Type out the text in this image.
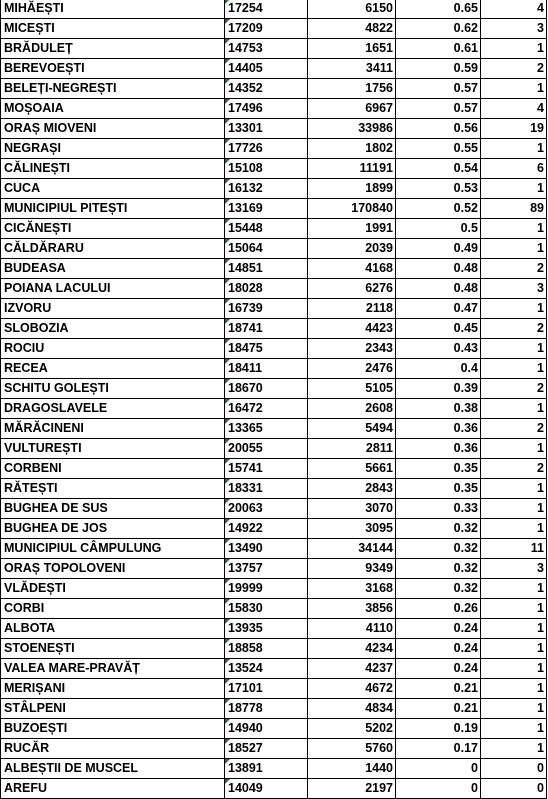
MIHĂEȘTI	17254	6150	0.65	4
MICEȘTI	17209	4822	0.62	3
BRĂDULEȚ	14753	1651	0.61	1
BEREVOEȘTI	14405	3411	0.59	2
BELEȚI-NEGREȘTI	14352	1756	0.57	1
MOȘOAIA	17496	6967	0.57	4
ORAȘ MIOVENI	13301	33986	0.56	19
NEGRAȘI	17726	1802	0.55	1
CĂLINEȘTI	15108	11191	0.54	6
CUCA	16132	1899	0.53	1
MUNICIPIUL PITEȘTI	13169	170840	0.52	89
CICĂNEȘTI	15448	1991	0.5	1
CĂLDĂRARU	15064	2039	0.49	1
BUDEASA	14851	4168	0.48	2
POIANA LACULUI	18028	6276	0.48	3
IZVORU	16739	2118	0.47	1
SLOBOZIA	18741	4423	0.45	2
ROCIU	18475	2343	0.43	1
RECEA	18411	2476	0.4	1
SCHITU GOLEȘTI	18670	5105	0.39	2
DRAGOSLAVELE	16472	2608	0.38	1
MĂRĂCINENI	13365	5494	0.36	2
VULTUREȘTI	20055	2811	0.36	1
CORBENI	15741	5661	0.35	2
RĂTEȘTI	18331	2843	0.35	1
BUGHEA DE SUS	20063	3070	0.33	1
BUGHEA DE JOS	14922	3095	0.32	1
MUNICIPIUL CÂMPULUNG	13490	34144	0.32	11
ORAȘ TOPOLOVENI	13757	9349	0.32	3
VLĂDEȘTI	19999	3168	0.32	1
CORBI	15830	3856	0.26	1
ALBOTA	13935	4110	0.24	1
STOENEȘTI	18858	4234	0.24	1
VALEA MARE-PRAVĂȚ	13524	4237	0.24	1
MERIȘANI	17101	4672	0.21	1
STÂLPENI	18778	4834	0.21	1
BUZOEȘTI	14940	5202	0.19	1
RUCĂR	18527	5760	0.17	1
ALBEȘTII DE MUSCEL	13891	1440	0	0
AREFU	14049	2197	0	0
